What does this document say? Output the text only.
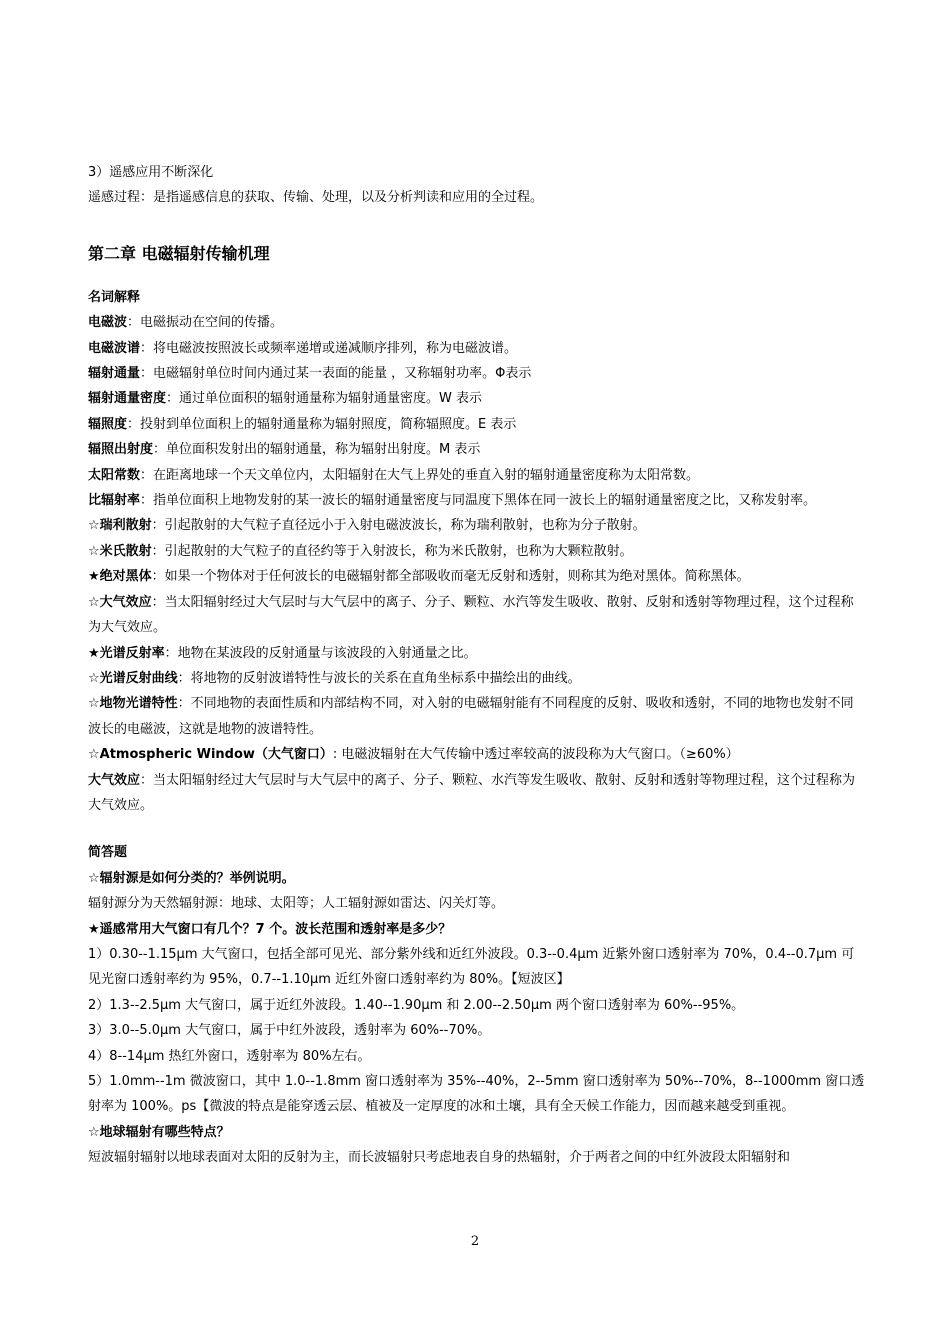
3）遥感应用不断深化

遥感过程：是指遥感信息的获取、传输、处理，以及分析判读和应用的全过程。

第二章 电磁辐射传输机理

名词解释

电磁波：电磁振动在空间的传播。

电磁波谱：将电磁波按照波长或频率递增或递减顺序排列，称为电磁波谱。

辐射通量：电磁辐射单位时间内通过某一表面的能量 ，又称辐射功率。Φ表示

辐射通量密度：通过单位面积的辐射通量称为辐射通量密度。W 表示

辐照度：投射到单位面积上的辐射通量称为辐射照度，简称辐照度。E 表示

辐照出射度：单位面积发射出的辐射通量，称为辐射出射度。M 表示

太阳常数：在距离地球一个天文单位内，太阳辐射在大气上界处的垂直入射的辐射通量密度称为太阳常数。

比辐射率：指单位面积上地物发射的某一波长的辐射通量密度与同温度下黑体在同一波长上的辐射通量密度之比，又称发射率。

☆瑞利散射：引起散射的大气粒子直径远小于入射电磁波波长，称为瑞利散射，也称为分子散射。

☆米氏散射：引起散射的大气粒子的直径约等于入射波长，称为米氏散射，也称为大颗粒散射。

★绝对黑体：如果一个物体对于任何波长的电磁辐射都全部吸收而毫无反射和透射，则称其为绝对黑体。简称黑体。

☆大气效应：当太阳辐射经过大气层时与大气层中的离子、分子、颗粒、水汽等发生吸收、散射、反射和透射等物理过程，这个过程称为大气效应。

★光谱反射率：地物在某波段的反射通量与该波段的入射通量之比。

☆光谱反射曲线：将地物的反射波谱特性与波长的关系在直角坐标系中描绘出的曲线。

☆地物光谱特性：不同地物的表面性质和内部结构不同，对入射的电磁辐射能有不同程度的反射、吸收和透射，不同的地物也发射不同波长的电磁波，这就是地物的波谱特性。

☆Atmospheric Window（大气窗口）: 电磁波辐射在大气传输中透过率较高的波段称为大气窗口。（≥60%）

大气效应：当太阳辐射经过大气层时与大气层中的离子、分子、颗粒、水汽等发生吸收、散射、反射和透射等物理过程，这个过程称为大气效应。

简答题

☆辐射源是如何分类的？举例说明。

辐射源分为天然辐射源：地球、太阳等；人工辐射源如雷达、闪关灯等。

★遥感常用大气窗口有几个？7 个。波长范围和透射率是多少？

1）0.30--1.15μm 大气窗口，包括全部可见光、部分紫外线和近红外波段。0.3--0.4μm 近紫外窗口透射率为 70%，0.4--0.7μm 可见光窗口透射率约为 95%，0.7--1.10μm 近红外窗口透射率约为 80%。【短波区】

2）1.3--2.5μm 大气窗口，属于近红外波段。1.40--1.90μm 和 2.00--2.50μm 两个窗口透射率为 60%--95%。

3）3.0--5.0μm 大气窗口，属于中红外波段，透射率为 60%--70%。

4）8--14μm 热红外窗口，透射率为 80%左右。

5）1.0mm--1m 微波窗口，其中 1.0--1.8mm 窗口透射率为 35%--40%，2--5mm 窗口透射率为 50%--70%，8--1000mm 窗口透射率为 100%。ps【微波的特点是能穿透云层、植被及一定厚度的冰和土壤，具有全天候工作能力，因而越来越受到重视。

☆地球辐射有哪些特点？

短波辐射辐射以地球表面对太阳的反射为主，而长波辐射只考虑地表自身的热辐射，介于两者之间的中红外波段太阳辐射和

2
